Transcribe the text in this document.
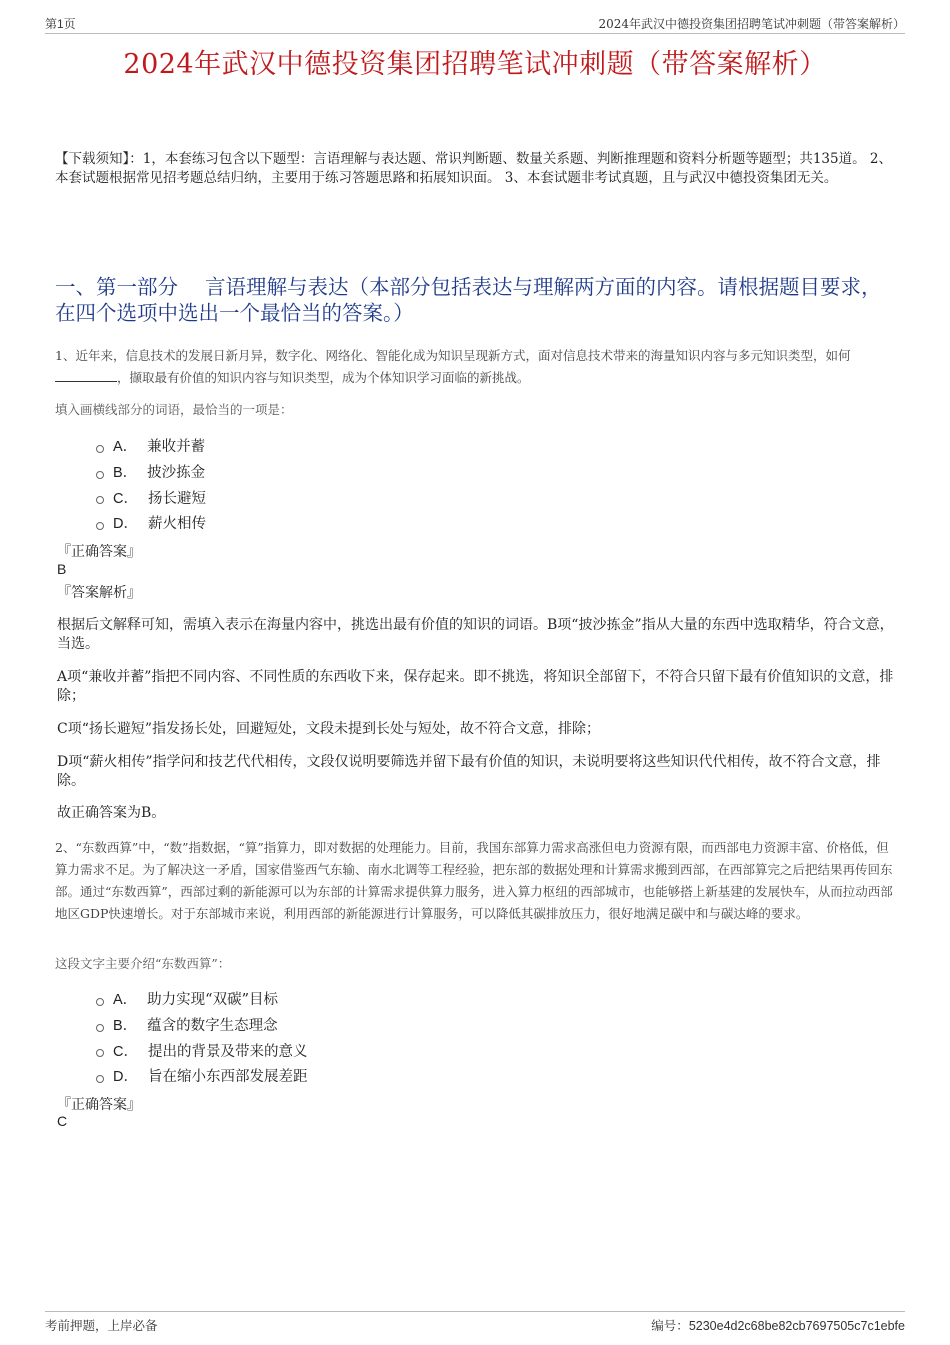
第1页	2024年武汉中德投资集团招聘笔试冲刺题（带答案解析）
2024年武汉中德投资集团招聘笔试冲刺题（带答案解析）
【下载须知】：1，本套练习包含以下题型：言语理解与表达题、常识判断题、数量关系题、判断推理题和资料分析题等题型；共135道。 2、本套试题根据常见招考题总结归纳，主要用于练习答题思路和拓展知识面。 3、本套试题非考试真题，且与武汉中德投资集团无关。
一、第一部分　 言语理解与表达（本部分包括表达与理解两方面的内容。请根据题目要求，在四个选项中选出一个最恰当的答案。）
1、近年来，信息技术的发展日新月异，数字化、网络化、智能化成为知识呈现新方式，面对信息技术带来的海量知识内容与多元知识类型，如何，撷取最有价值的知识内容与知识类型，成为个体知识学习面临的新挑战。
填入画横线部分的词语，最恰当的一项是：
A． 兼收并蓄
B． 披沙拣金
C． 扬长避短
D． 薪火相传
『正确答案』
B
『答案解析』
根据后文解释可知，需填入表示在海量内容中，挑选出最有价值的知识的词语。B项“披沙拣金”指从大量的东西中选取精华，符合文意，当选。
A项“兼收并蓄”指把不同内容、不同性质的东西收下来，保存起来。即不挑选，将知识全部留下，不符合只留下最有价值知识的文意，排除；
C项“扬长避短”指发扬长处，回避短处，文段未提到长处与短处，故不符合文意，排除；
D项“薪火相传”指学问和技艺代代相传，文段仅说明要筛选并留下最有价值的知识，未说明要将这些知识代代相传，故不符合文意，排除。
故正确答案为B。
2、“东数西算”中，“数”指数据，“算”指算力，即对数据的处理能力。目前，我国东部算力需求高涨但电力资源有限，而西部电力资源丰富、价格低，但算力需求不足。为了解决这一矛盾，国家借鉴西气东输、南水北调等工程经验，把东部的数据处理和计算需求搬到西部，在西部算完之后把结果再传回东部。通过“东数西算”，西部过剩的新能源可以为东部的计算需求提供算力服务，进入算力枢纽的西部城市，也能够搭上新基建的发展快车，从而拉动西部地区GDP快速增长。对于东部城市来说，利用西部的新能源进行计算服务，可以降低其碳排放压力，很好地满足碳中和与碳达峰的要求。
这段文字主要介绍“东数西算”：
A． 助力实现“双碳”目标
B． 蕴含的数字生态理念
C． 提出的背景及带来的意义
D． 旨在缩小东西部发展差距
『正确答案』
C
考前押题，上岸必备	编号：5230e4d2c68be82cb7697505c7c1ebfe
